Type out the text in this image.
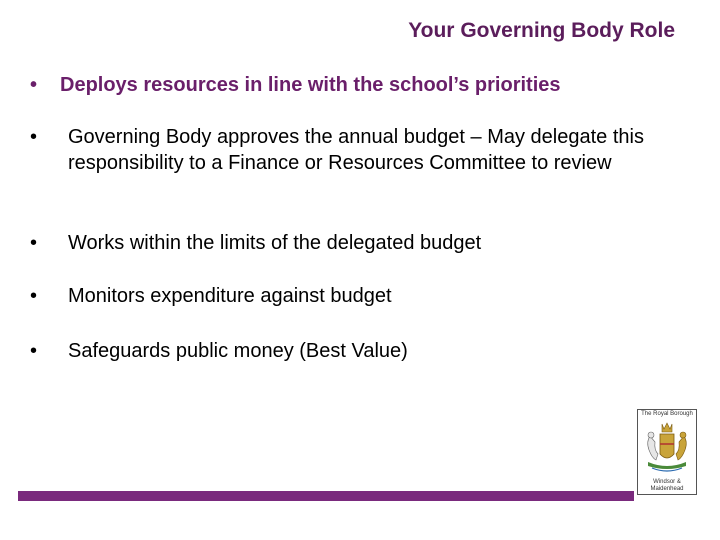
Your Governing Body Role
•	Deploys resources in line with the school’s priorities
•	Governing Body approves the annual budget – May delegate this responsibility to a Finance or Resources Committee to review
•	Works within the limits of the delegated budget
•	Monitors expenditure against budget
•	Safeguards public money (Best Value)
The Royal Borough
Windsor &
Maidenhead
